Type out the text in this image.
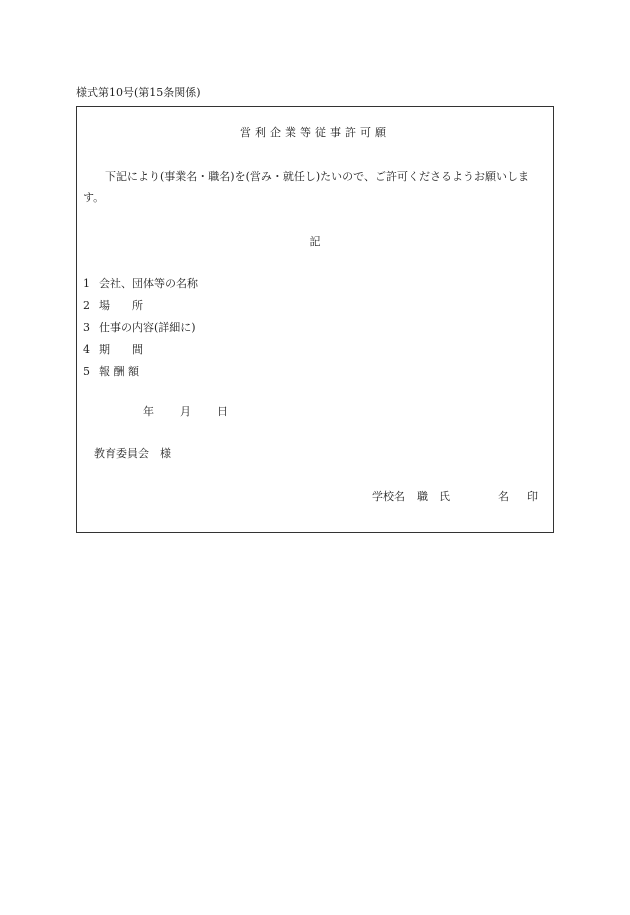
様式第10号(第15条関係)
営利企業等従事許可願
下記により(事業名・職名)を(営み・就任し)たいので、ご許可くださるようお願いします。
記
1 会社、団体等の名称
2 場　　所
3 仕事の内容(詳細に)
4 期　　間
5 報 酬 額
年 月 日
教育委員会　様
学校名 職　氏	名 印
